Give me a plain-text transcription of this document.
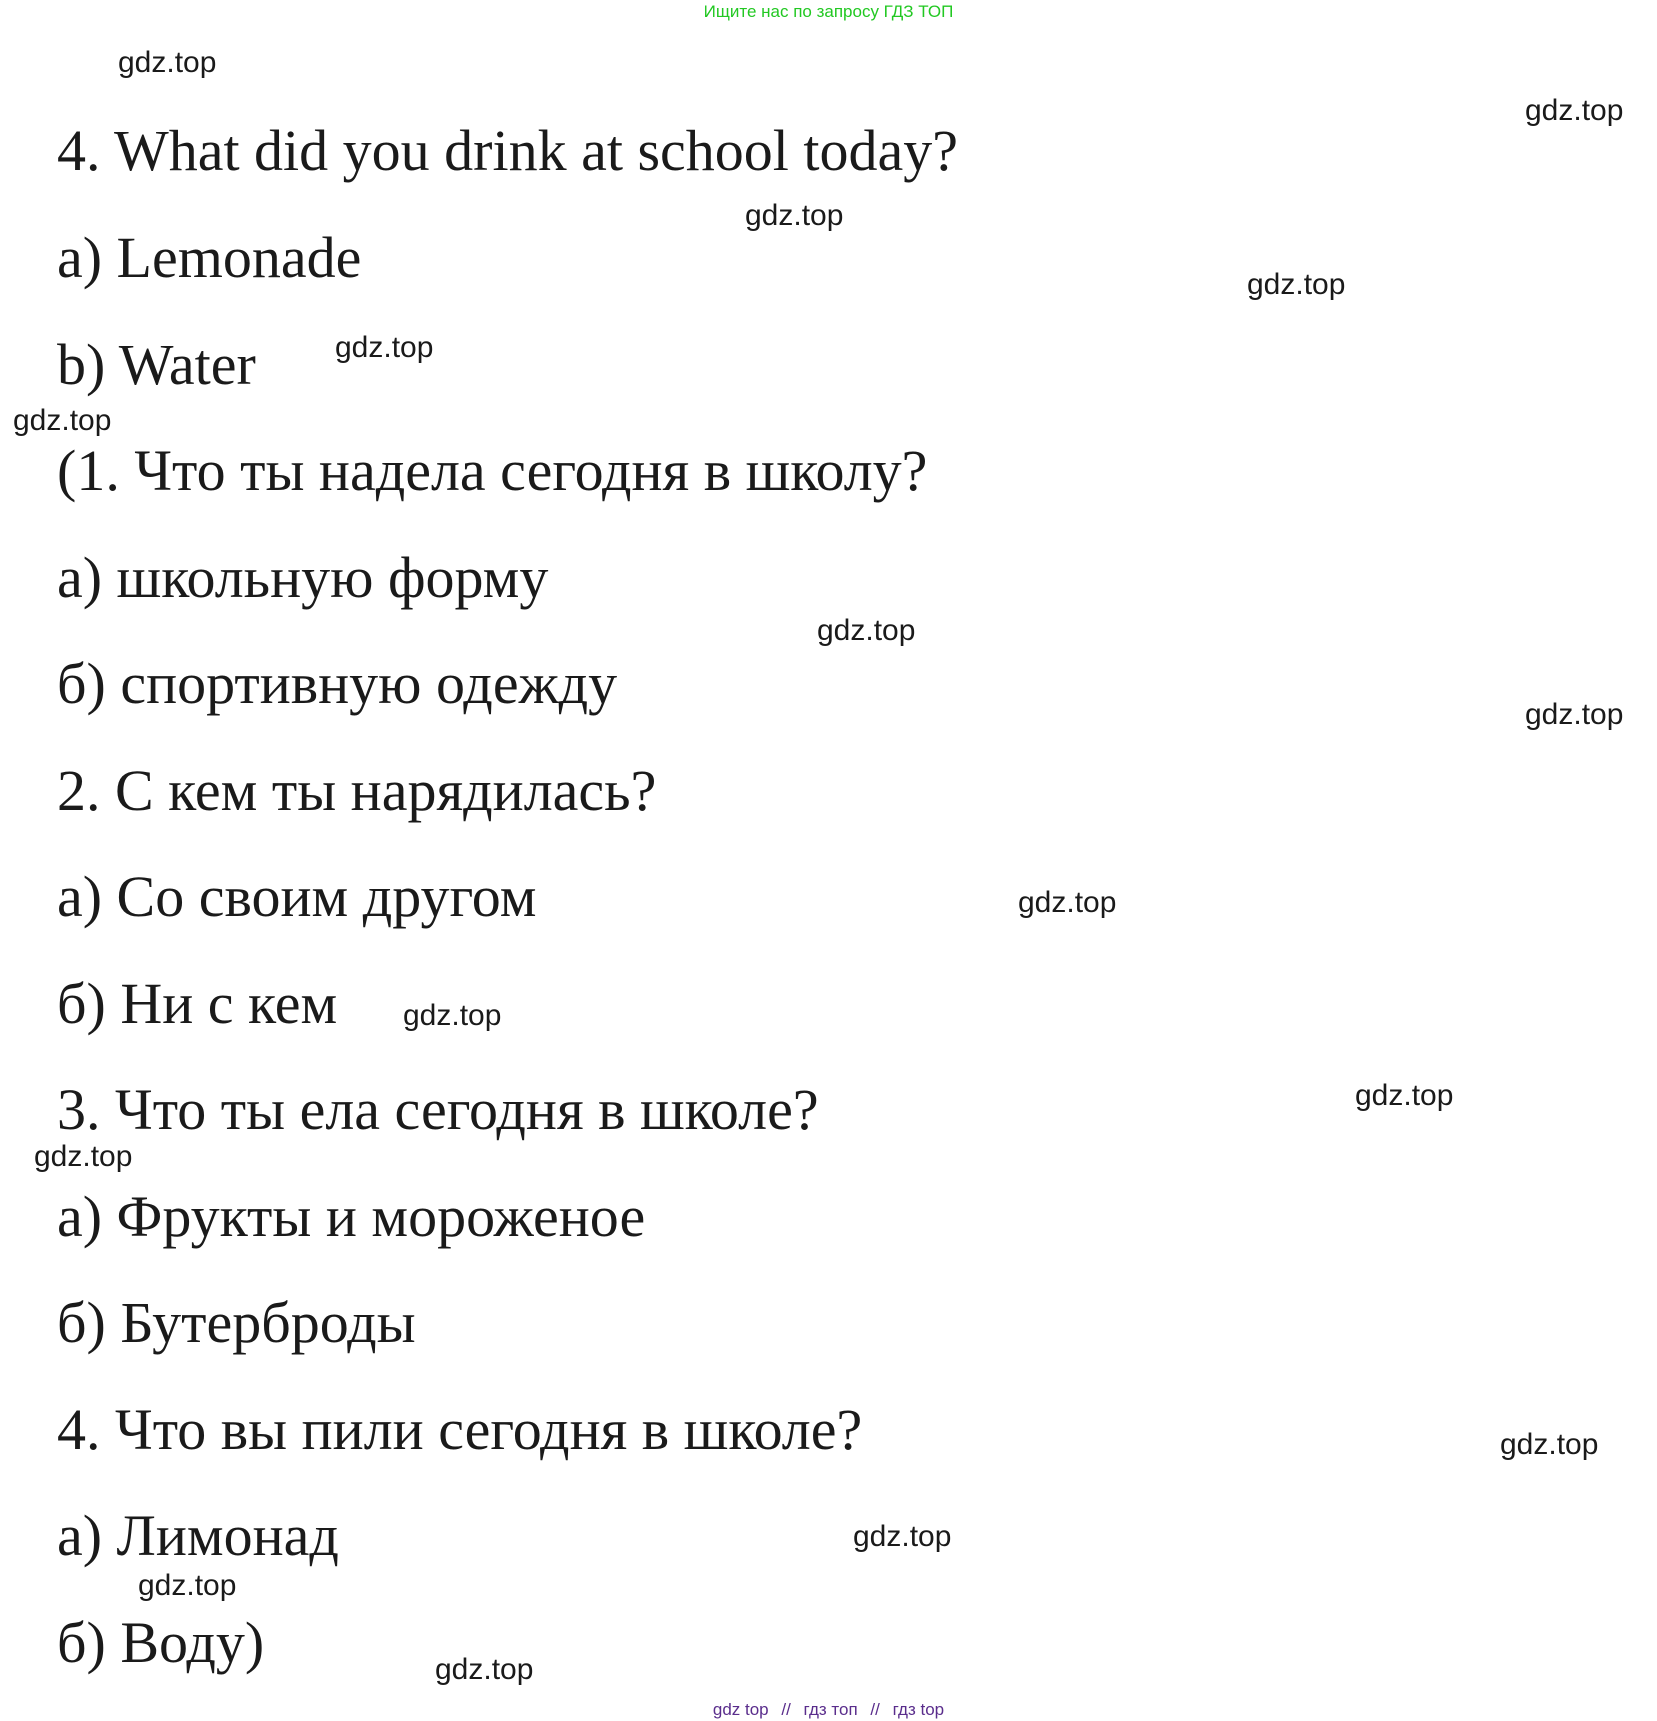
Ищите нас по запросу ГДЗ ТОП
4. What did you drink at school today?
a) Lemonade
b) Water
(1. Что ты надела сегодня в школу?
а) школьную форму
б) спортивную одежду
2. С кем ты нарядилась?
а) Со своим другом
б) Ни с кем
3. Что ты ела сегодня в школе?
а) Фрукты и мороженое
б) Бутерброды
4. Что вы пили сегодня в школе?
а) Лимонад
б) Воду)
gdz.top
gdz.top
gdz.top
gdz.top
gdz.top
gdz.top
gdz.top
gdz.top
gdz.top
gdz.top
gdz.top
gdz.top
gdz.top
gdz.top
gdz.top
gdz.top
gdz top // гдз топ // гдз top
